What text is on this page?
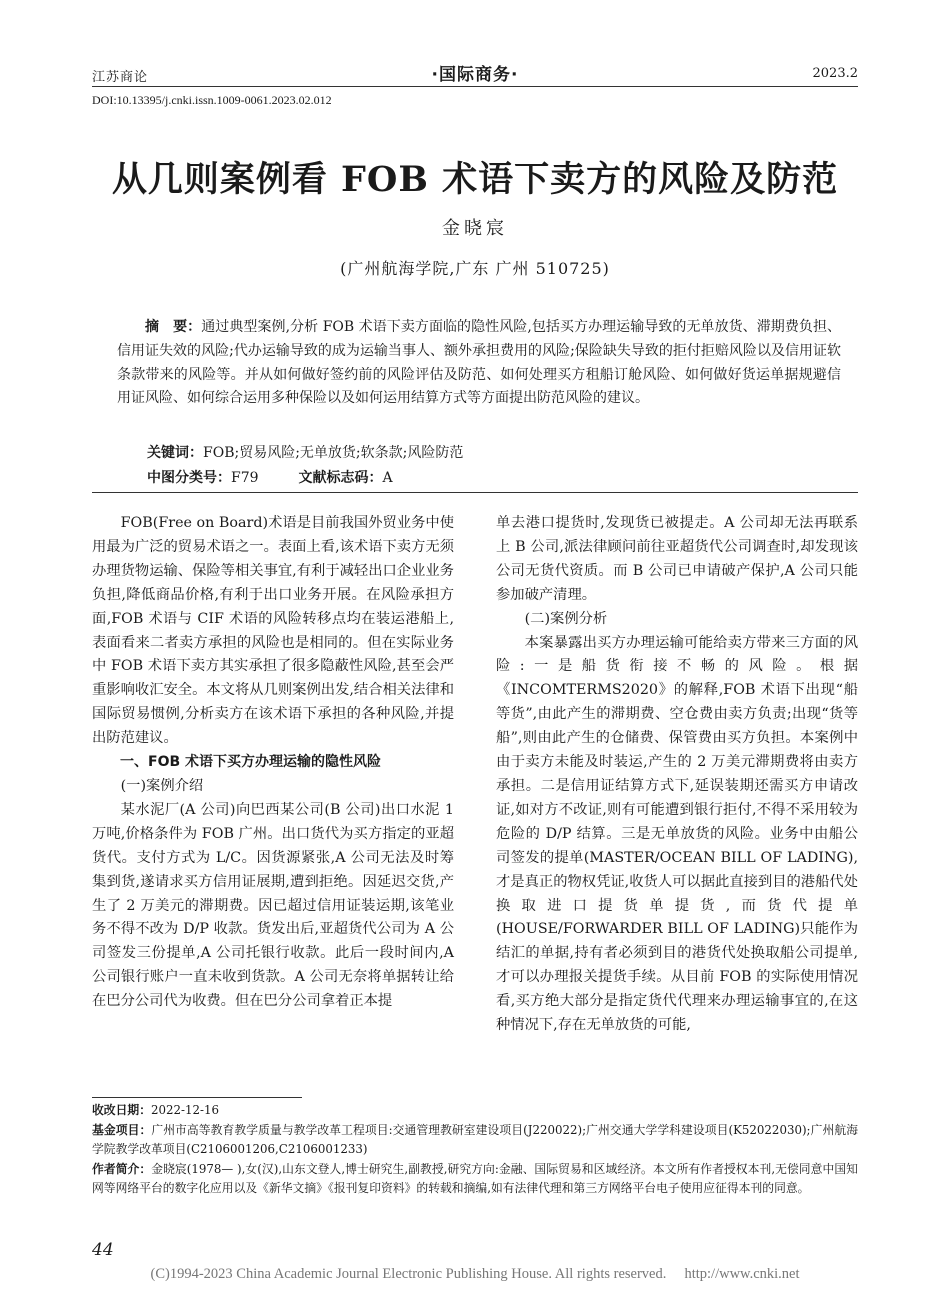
江苏商论	·国际商务·	2023.2
DOI:10.13395/j.cnki.issn.1009-0061.2023.02.012
从几则案例看 FOB 术语下卖方的风险及防范
金晓宸
(广州航海学院,广东 广州 510725)

摘　要：通过典型案例,分析 FOB 术语下卖方面临的隐性风险,包括买方办理运输导致的无单放货、滞期费负担、信用证失效的风险;代办运输导致的成为运输当事人、额外承担费用的风险;保险缺失导致的拒付拒赔风险以及信用证软条款带来的风险等。并从如何做好签约前的风险评估及防范、如何处理买方租船订舱风险、如何做好货运单据规避信用证风险、如何综合运用多种保险以及如何运用结算方式等方面提出防范风险的建议。

关键词：FOB;贸易风险;无单放货;软条款;风险防范
中图分类号：F79	文献标志码：A

FOB(Free on Board)术语是目前我国外贸业务中使用最为广泛的贸易术语之一。表面上看,该术语下卖方无须办理货物运输、保险等相关事宜,有利于减轻出口企业业务负担,降低商品价格,有利于出口业务开展。在风险承担方面,FOB 术语与 CIF 术语的风险转移点均在装运港船上,表面看来二者卖方承担的风险也是相同的。但在实际业务中 FOB 术语下卖方其实承担了很多隐蔽性风险,甚至会严重影响收汇安全。本文将从几则案例出发,结合相关法律和国际贸易惯例,分析卖方在该术语下承担的各种风险,并提出防范建议。

一、FOB 术语下买方办理运输的隐性风险

(一)案例介绍

某水泥厂(A 公司)向巴西某公司(B 公司)出口水泥 1 万吨,价格条件为 FOB 广州。出口货代为买方指定的亚超货代。支付方式为 L/C。因货源紧张,A 公司无法及时筹集到货,遂请求买方信用证展期,遭到拒绝。因延迟交货,产生了 2 万美元的滞期费。因已超过信用证装运期,该笔业务不得不改为 D/P 收款。货发出后,亚超货代公司为 A 公司签发三份提单,A 公司托银行收款。此后一段时间内,A 公司银行账户一直未收到货款。A 公司无奈将单据转让给在巴分公司代为收费。但在巴分公司拿着正本提

单去港口提货时,发现货已被提走。A 公司却无法再联系上 B 公司,派法律顾问前往亚超货代公司调查时,却发现该公司无货代资质。而 B 公司已申请破产保护,A 公司只能参加破产清理。

(二)案例分析

本案暴露出买方办理运输可能给卖方带来三方面的风险:一是船货衔接不畅的风险。根据《INCOMTERMS2020》的解释,FOB 术语下出现“船等货”,由此产生的滞期费、空仓费由卖方负责;出现“货等船”,则由此产生的仓储费、保管费由买方负担。本案例中由于卖方未能及时装运,产生的 2 万美元滞期费将由卖方承担。二是信用证结算方式下,延误装期还需买方申请改证,如对方不改证,则有可能遭到银行拒付,不得不采用较为危险的 D/P 结算。三是无单放货的风险。业务中由船公司签发的提单(MASTER/OCEAN BILL OF LADING),才是真正的物权凭证,收货人可以据此直接到目的港船代处换取进口提货单提货,而货代提单(HOUSE/FORWARDER BILL OF LADING)只能作为结汇的单据,持有者必须到目的港货代处换取船公司提单,才可以办理报关提货手续。从目前 FOB 的实际使用情况看,买方绝大部分是指定货代代理来办理运输事宜的,在这种情况下,存在无单放货的可能,

收改日期：2022-12-16

基金项目：广州市高等教育教学质量与教学改革工程项目:交通管理教研室建设项目(J220022);广州交通大学学科建设项目(K52022030);广州航海学院教学改革项目(C2106001206,C2106001233)

作者简介：金晓宸(1978— ),女(汉),山东文登人,博士研究生,副教授,研究方向:金融、国际贸易和区域经济。本文所有作者授权本刊,无偿同意中国知网等网络平台的数字化应用以及《新华文摘》《报刊复印资料》的转载和摘编,如有法律代理和第三方网络平台电子使用应征得本刊的同意。

44
(C)1994-2023 China Academic Journal Electronic Publishing House. All rights reserved.　 http://www.cnki.net
